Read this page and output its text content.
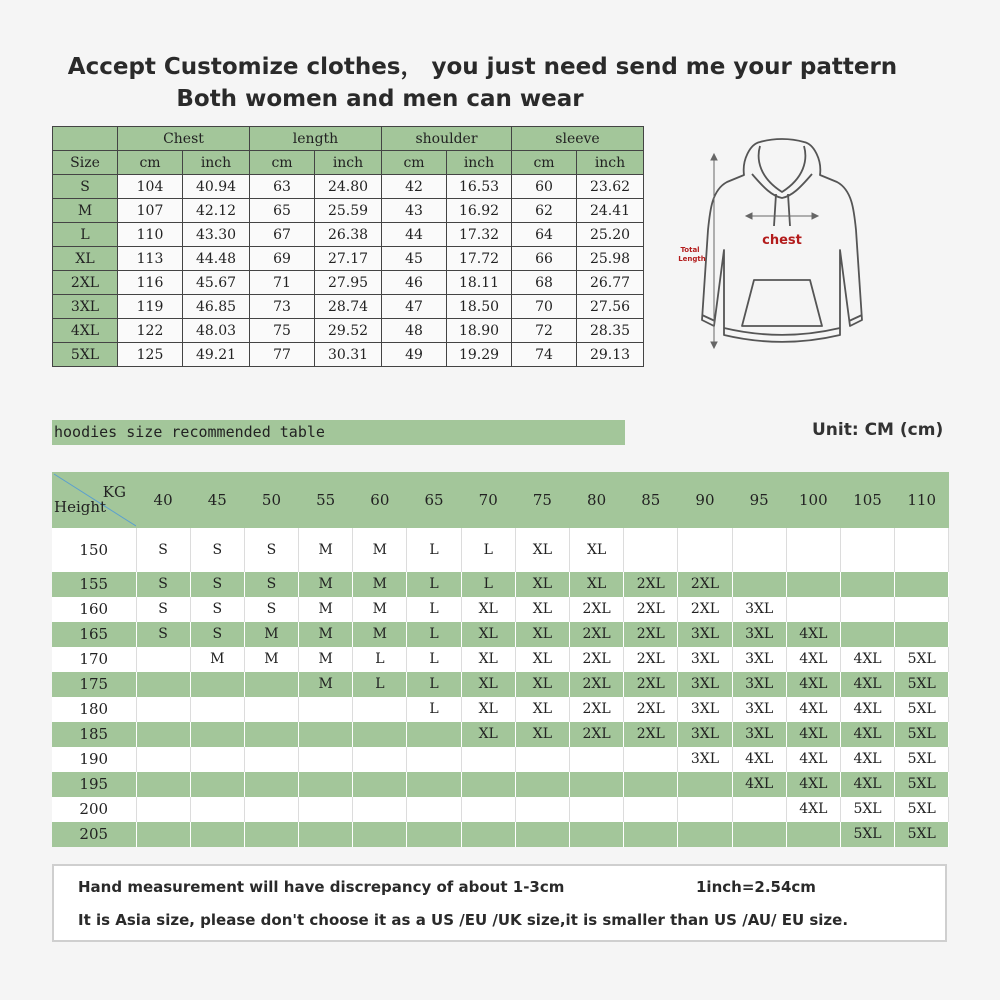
Accept Customize clothes， you just need send me your pattern
Both women and men can wear
	Chest		length		shoulder		sleeve	
Size	cm	inch	cm	inch	cm	inch	cm	inch
S	104	40.94	63	24.80	42	16.53	60	23.62
M	107	42.12	65	25.59	43	16.92	62	24.41
L	110	43.30	67	26.38	44	17.32	64	25.20
XL	113	44.48	69	27.17	45	17.72	66	25.98
2XL	116	45.67	71	27.95	46	18.11	68	26.77
3XL	119	46.85	73	28.74	47	18.50	70	27.56
4XL	122	48.03	75	29.52	48	18.90	72	28.35
5XL	125	49.21	77	30.31	49	19.29	74	29.13
chest
Total
Length
Unit: CM (cm)
hoodies size recommended table
KG
Height	40	45	50	55	60	65	70	75	80	85	90	95	100	105	110
150	S	S	S	M	M	L	L	XL	XL						
155	S	S	S	M	M	L	L	XL	XL	2XL	2XL				
160	S	S	S	M	M	L	XL	XL	2XL	2XL	2XL	3XL			
165	S	S	M	M	M	L	XL	XL	2XL	2XL	3XL	3XL	4XL		
170		M	M	M	L	L	XL	XL	2XL	2XL	3XL	3XL	4XL	4XL	5XL
175				M	L	L	XL	XL	2XL	2XL	3XL	3XL	4XL	4XL	5XL
180						L	XL	XL	2XL	2XL	3XL	3XL	4XL	4XL	5XL
185							XL	XL	2XL	2XL	3XL	3XL	4XL	4XL	5XL
190											3XL	4XL	4XL	4XL	5XL
195												4XL	4XL	4XL	5XL
200													4XL	5XL	5XL
205														5XL	5XL
Hand measurement will have discrepancy of about 1-3cm	1inch=2.54cm
It is Asia size, please don't choose it as a US /EU /UK size,it is smaller than US /AU/ EU size.
